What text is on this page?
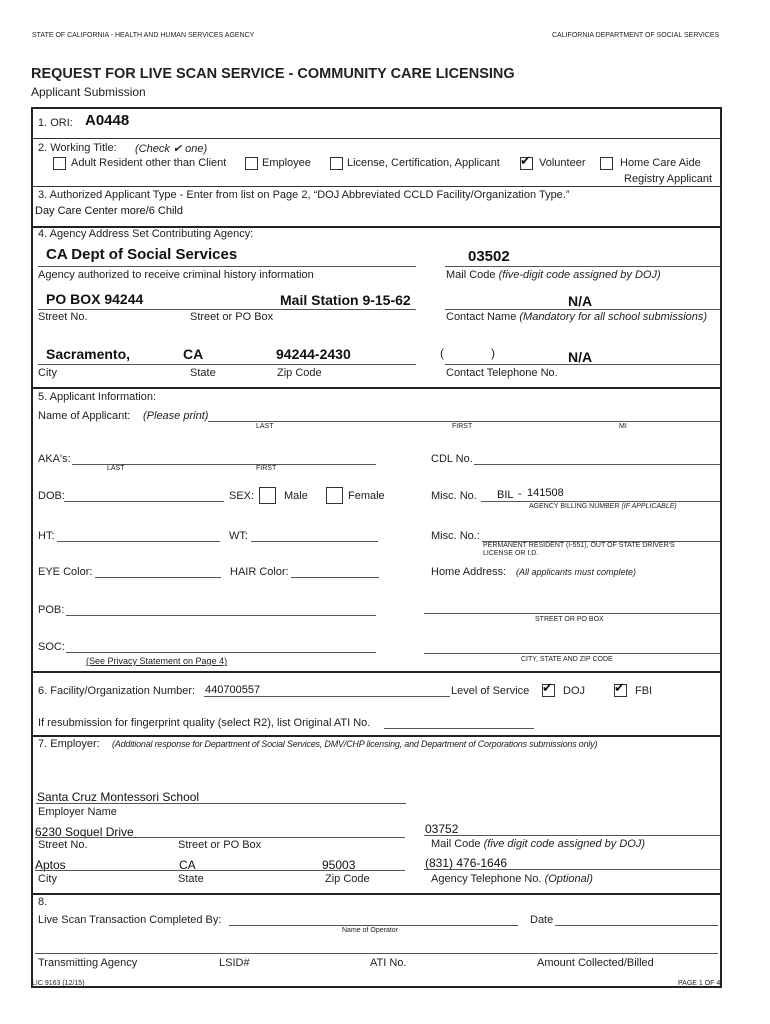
STATE OF CALIFORNIA - HEALTH AND HUMAN SERVICES AGENCY	CALIFORNIA DEPARTMENT OF SOCIAL SERVICES
REQUEST FOR LIVE SCAN SERVICE - COMMUNITY CARE LICENSING
Applicant Submission
1. ORI: A0448
2. Working Title: (Check ✔ one)
Adult Resident other than Client	Employee	License, Certification, Applicant ✔ Volunteer	Home Care Aide
Registry Applicant
3. Authorized Applicant Type - Enter from list on Page 2, “DOJ Abbreviated CCLD Facility/Organization Type.”
Day Care Center more/6 Child
4. Agency Address Set Contributing Agency:
CA Dept of Social Services
Agency authorized to receive criminal history information
03502
Mail Code (five-digit code assigned by DOJ)
PO BOX 94244	Mail Station 9-15-62
Street No.	Street or PO Box
N/A
Contact Name (Mandatory for all school submissions)
Sacramento,	CA	94244-2430
City	State	Zip Code
(	)	N/A
Contact Telephone No.
5. Applicant Information:
Name of Applicant: (Please print)
LAST	FIRST	MI
AKA's:
LAST	FIRST
CDL No.
DOB:	SEX:	Male	Female	Misc. No. BIL - 141508
AGENCY BILLING NUMBER (IF APPLICABLE)
HT:	WT:	Misc. No.:
PERMANENT RESIDENT (I-551), OUT OF STATE DRIVER'S
LICENSE OR I.D.
EYE Color:	HAIR Color:	Home Address: (All applicants must complete)
POB:
STREET OR PO BOX
SOC:
CITY, STATE AND ZIP CODE
(See Privacy Statement on Page 4)
6. Facility/Organization Number: 440700557	Level of Service ✔ DOJ ✔ FBI
If resubmission for fingerprint quality (select R2), list Original ATI No.
7. Employer: (Additional response for Department of Social Services, DMV/CHP licensing, and Department of Corporations submissions only)
Santa Cruz Montessori School
Employer Name
6230 Soquel Drive
Street No.	Street or PO Box
03752
Mail Code (five digit code assigned by DOJ)
Aptos	CA	95003
City	State	Zip Code
(831) 476-1646
Agency Telephone No. (Optional)
8.
Live Scan Transaction Completed By:
Name of Operator
Date
Transmitting Agency	LSID#	ATI No.	Amount Collected/Billed
LIC 9163 (12/15)	PAGE 1 OF 4
